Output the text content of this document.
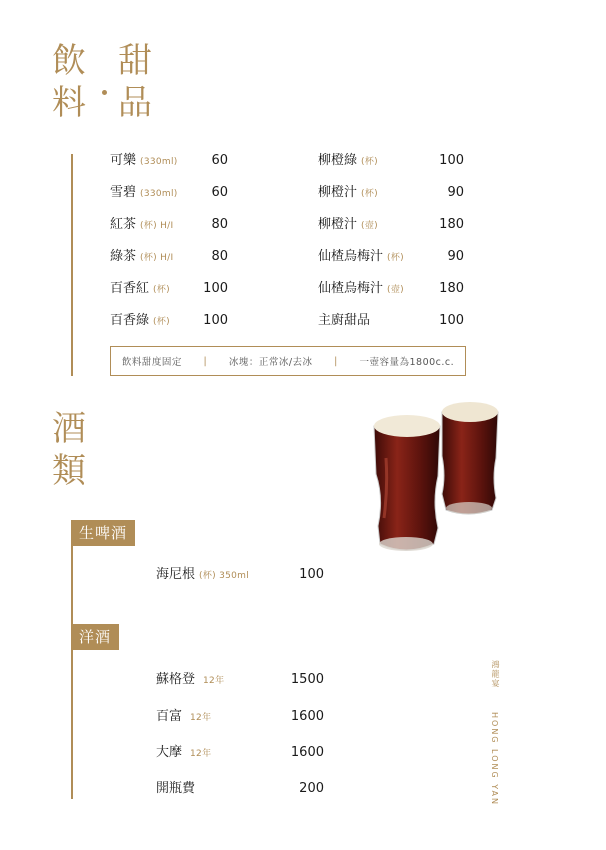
飲
料
甜
品
可樂 (330ml)	60
雪碧 (330ml)	60
紅茶 (杯) H/I	80
綠茶 (杯) H/I	80
百香紅 (杯)	100
百香綠 (杯)	100
柳橙綠 (杯)	100
柳橙汁 (杯)	90
柳橙汁 (壺)	180
仙楂烏梅汁 (杯)	90
仙楂烏梅汁 (壺)	180
主廚甜品	100
飲料甜度固定 | 冰塊：正常冰/去冰 | 一壺容量為1800c.c.
酒
類
生啤酒
海尼根 (杯) 350ml	100
洋酒
蘇格登 12年	1500
百富 12年	1600
大摩 12年	1600
開瓶費	200
鴻龍宴
HONG LONG YAN
